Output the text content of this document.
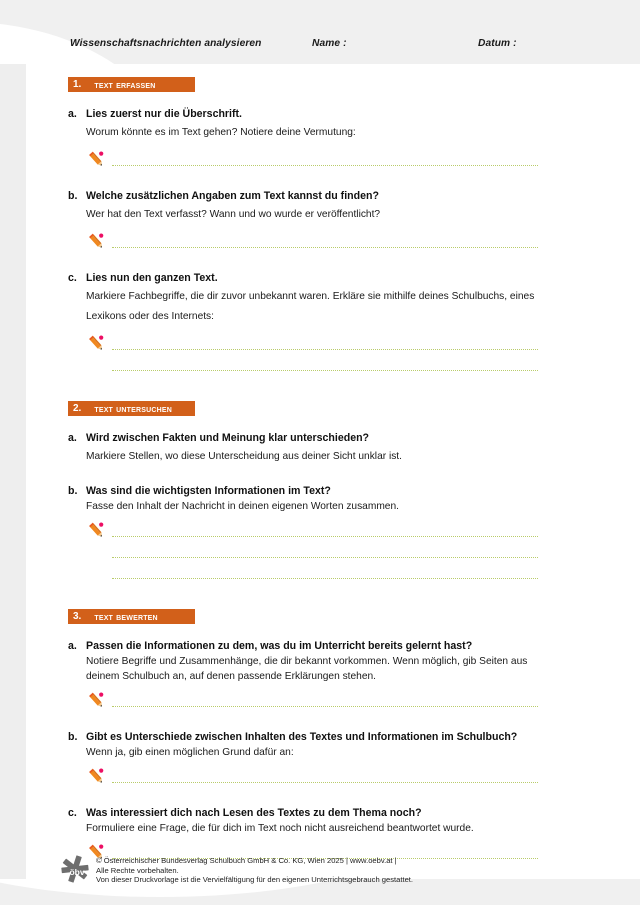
Wissenschaftsnachrichten analysieren	Name :	Datum :
1. text erfassen
a. Lies zuerst nur die Überschrift.
Worum könnte es im Text gehen? Notiere deine Vermutung:
b. Welche zusätzlichen Angaben zum Text kannst du finden?
Wer hat den Text verfasst? Wann und wo wurde er veröffentlicht?
c. Lies nun den ganzen Text.
Markiere Fachbegriffe, die dir zuvor unbekannt waren. Erkläre sie mithilfe deines Schulbuchs, eines Lexikons oder des Internets:
2. text untersuchen
a. Wird zwischen Fakten und Meinung klar unterschieden?
Markiere Stellen, wo diese Unterscheidung aus deiner Sicht unklar ist.
b. Was sind die wichtigsten Informationen im Text?
Fasse den Inhalt der Nachricht in deinen eigenen Worten zusammen.
3. text bewerten
a. Passen die Informationen zu dem, was du im Unterricht bereits gelernt hast?
Notiere Begriffe und Zusammenhänge, die dir bekannt vorkommen. Wenn möglich, gib Seiten aus deinem Schulbuch an, auf denen passende Erklärungen stehen.
b. Gibt es Unterschiede zwischen Inhalten des Textes und Informationen im Schulbuch?
Wenn ja, gib einen möglichen Grund dafür an:
c. Was interessiert dich nach Lesen des Textes zu dem Thema noch?
Formuliere eine Frage, die für dich im Text noch nicht ausreichend beantwortet wurde.
öbv
© Österreichischer Bundesverlag Schulbuch GmbH & Co. KG, Wien 2025 | www.oebv.at |
Alle Rechte vorbehalten.
Von dieser Druckvorlage ist die Vervielfältigung für den eigenen Unterrichtsgebrauch gestattet.
